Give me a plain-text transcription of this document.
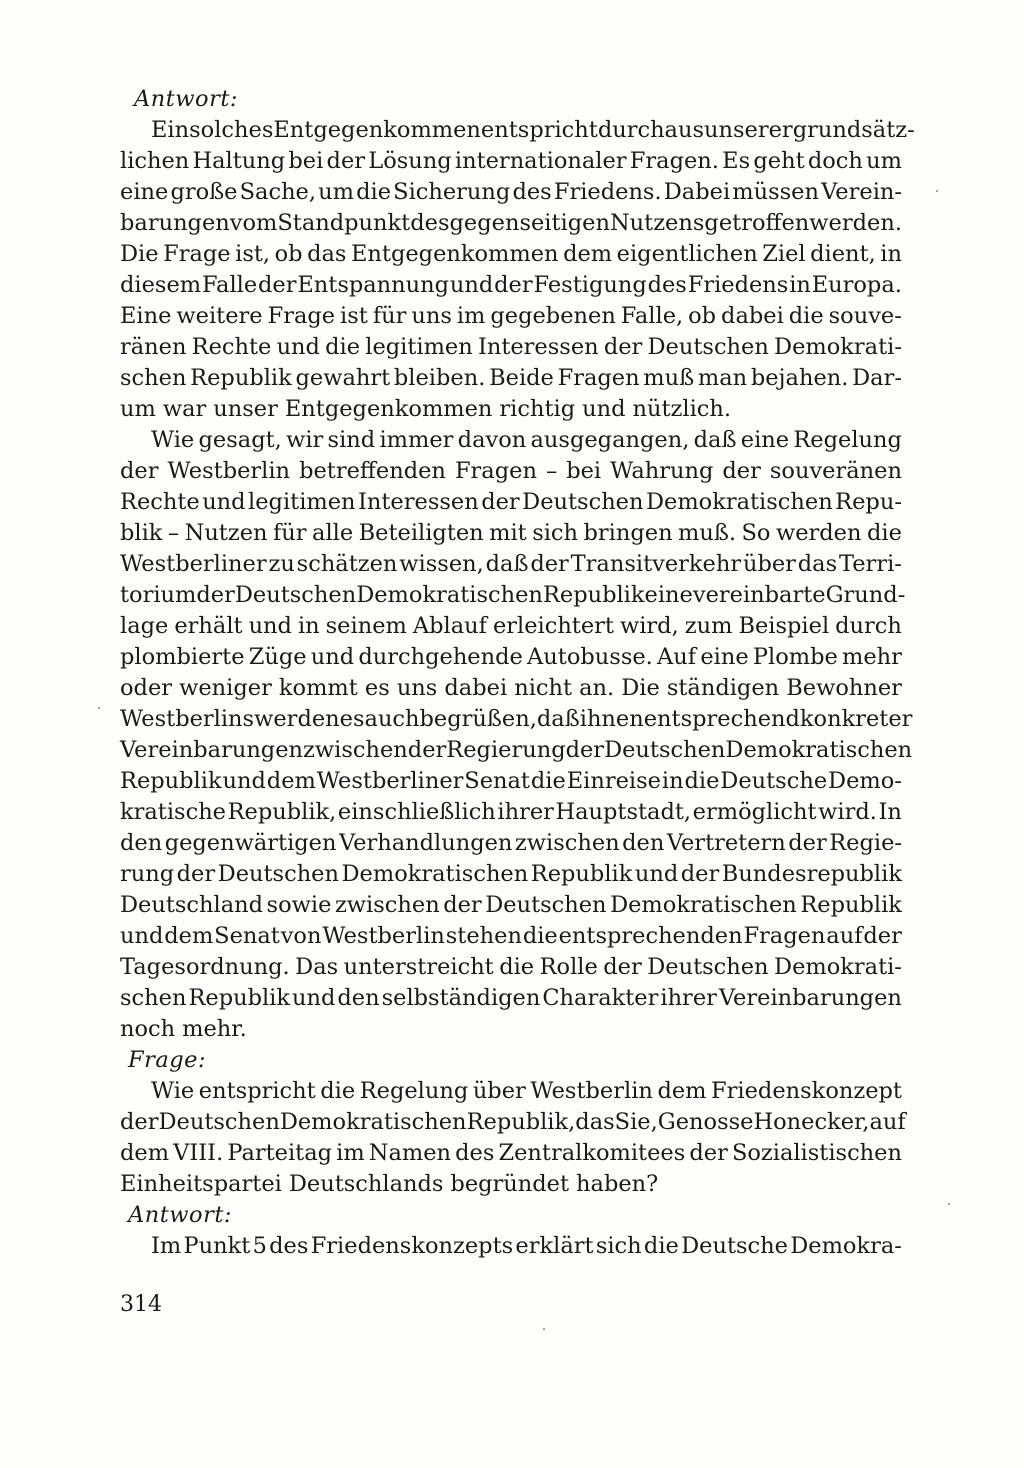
Antwort:
Ein solches Entgegenkommen entspricht durchaus unserer grundsätz-
lichen Haltung bei der Lösung internationaler Fragen. Es geht doch um
eine große Sache, um die Sicherung des Friedens. Dabei müssen Verein-
barungen vom Standpunkt des gegenseitigen Nutzens getroffen werden.
Die Frage ist, ob das Entgegenkommen dem eigentlichen Ziel dient, in
diesem Falle der Entspannung und der Festigung des Friedens in Europa.
Eine weitere Frage ist für uns im gegebenen Falle, ob dabei die souve-
ränen Rechte und die legitimen Interessen der Deutschen Demokrati-
schen Republik gewahrt bleiben. Beide Fragen muß man bejahen. Dar-
um war unser Entgegenkommen richtig und nützlich.
Wie gesagt, wir sind immer davon ausgegangen, daß eine Regelung
der Westberlin betreffenden Fragen – bei Wahrung der souveränen
Rechte und legitimen Interessen der Deutschen Demokratischen Repu-
blik – Nutzen für alle Beteiligten mit sich bringen muß. So werden die
Westberliner zu schätzen wissen, daß der Transitverkehr über das Terri-
torium der Deutschen Demokratischen Republik eine vereinbarte Grund-
lage erhält und in seinem Ablauf erleichtert wird, zum Beispiel durch
plombierte Züge und durchgehende Autobusse. Auf eine Plombe mehr
oder weniger kommt es uns dabei nicht an. Die ständigen Bewohner
Westberlins werden es auch begrüßen, daß ihnen entsprechend konkreter
Vereinbarungen zwischen der Regierung der Deutschen Demokratischen
Republik und dem Westberliner Senat die Einreise in die Deutsche Demo-
kratische Republik, einschließlich ihrer Hauptstadt, ermöglicht wird. In
den gegenwärtigen Verhandlungen zwischen den Vertretern der Regie-
rung der Deutschen Demokratischen Republik und der Bundesrepublik
Deutschland sowie zwischen der Deutschen Demokratischen Republik
und dem Senat von Westberlin stehen die entsprechenden Fragen auf der
Tagesordnung. Das unterstreicht die Rolle der Deutschen Demokrati-
schen Republik und den selbständigen Charakter ihrer Vereinbarungen
noch mehr.
Frage:
Wie entspricht die Regelung über Westberlin dem Friedenskonzept
der Deutschen Demokratischen Republik, das Sie, Genosse Honecker, auf
dem VIII. Parteitag im Namen des Zentralkomitees der Sozialistischen
Einheitspartei Deutschlands begründet haben?
Antwort:
Im Punkt 5 des Friedenskonzepts erklärt sich die Deutsche Demokra-
314
